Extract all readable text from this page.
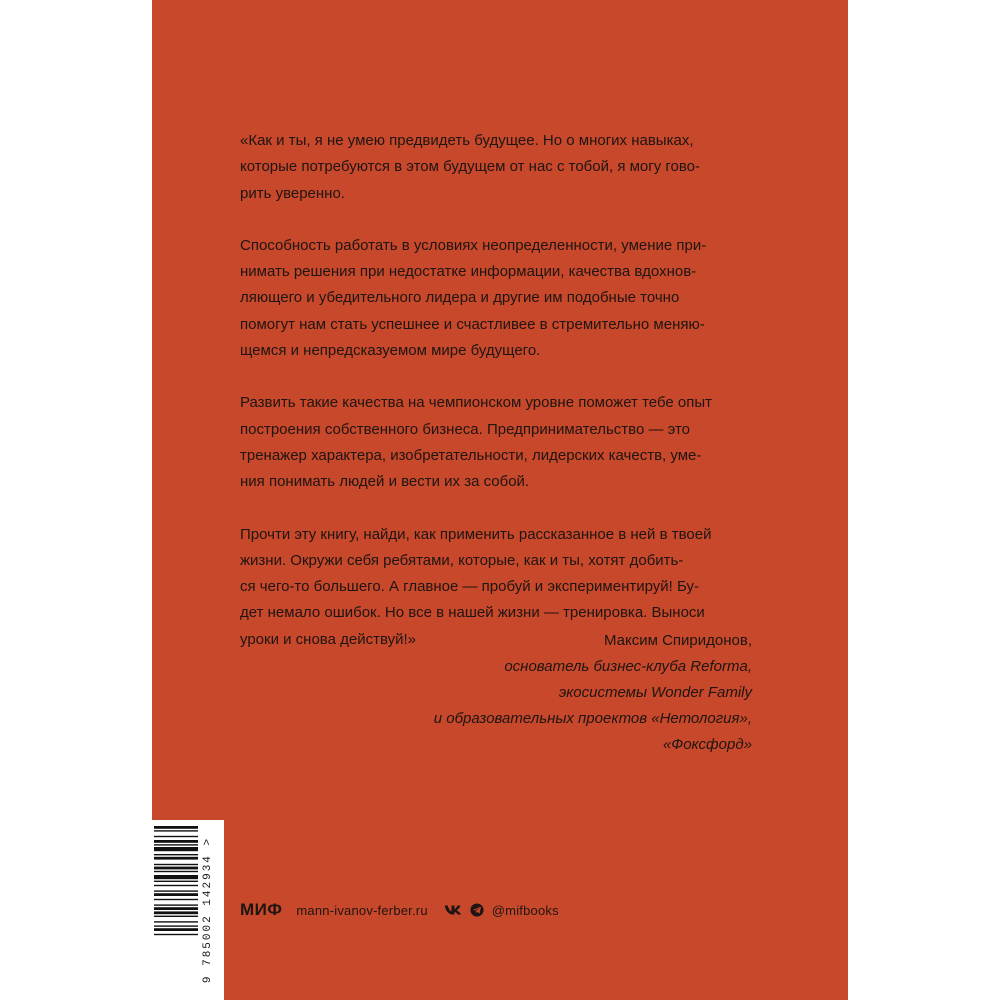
«Как и ты, я не умею предвидеть будущее. Но о многих навыках,
которые потребуются в этом будущем от нас с тобой, я могу гово-
рить уверенно.

Способность работать в условиях неопределенности, умение при-
нимать решения при недостатке информации, качества вдохнов-
ляющего и убедительного лидера и другие им подобные точно
помогут нам стать успешнее и счастливее в стремительно меняю-
щемся и непредсказуемом мире будущего.

Развить такие качества на чемпионском уровне поможет тебе опыт
построения собственного бизнеса. Предпринимательство — это
тренажер характера, изобретательности, лидерских качеств, уме-
ния понимать людей и вести их за собой.

Прочти эту книгу, найди, как применить рассказанное в ней в твоей
жизни. Окружи себя ребятами, которые, как и ты, хотят добить-
ся чего-то большего. А главное — пробуй и экспериментируй! Бу-
дет немало ошибок. Но все в нашей жизни — тренировка. Выноси
уроки и снова действуй!»	Максим Спиридонов,
основатель бизнес-клуба Reforma,
экосистемы Wonder Family
и образовательных проектов «Нетология»,
«Фоксфорд»
9 785002 142934 > МИФ mann-ivanov-ferber.ru	@mifbooks
